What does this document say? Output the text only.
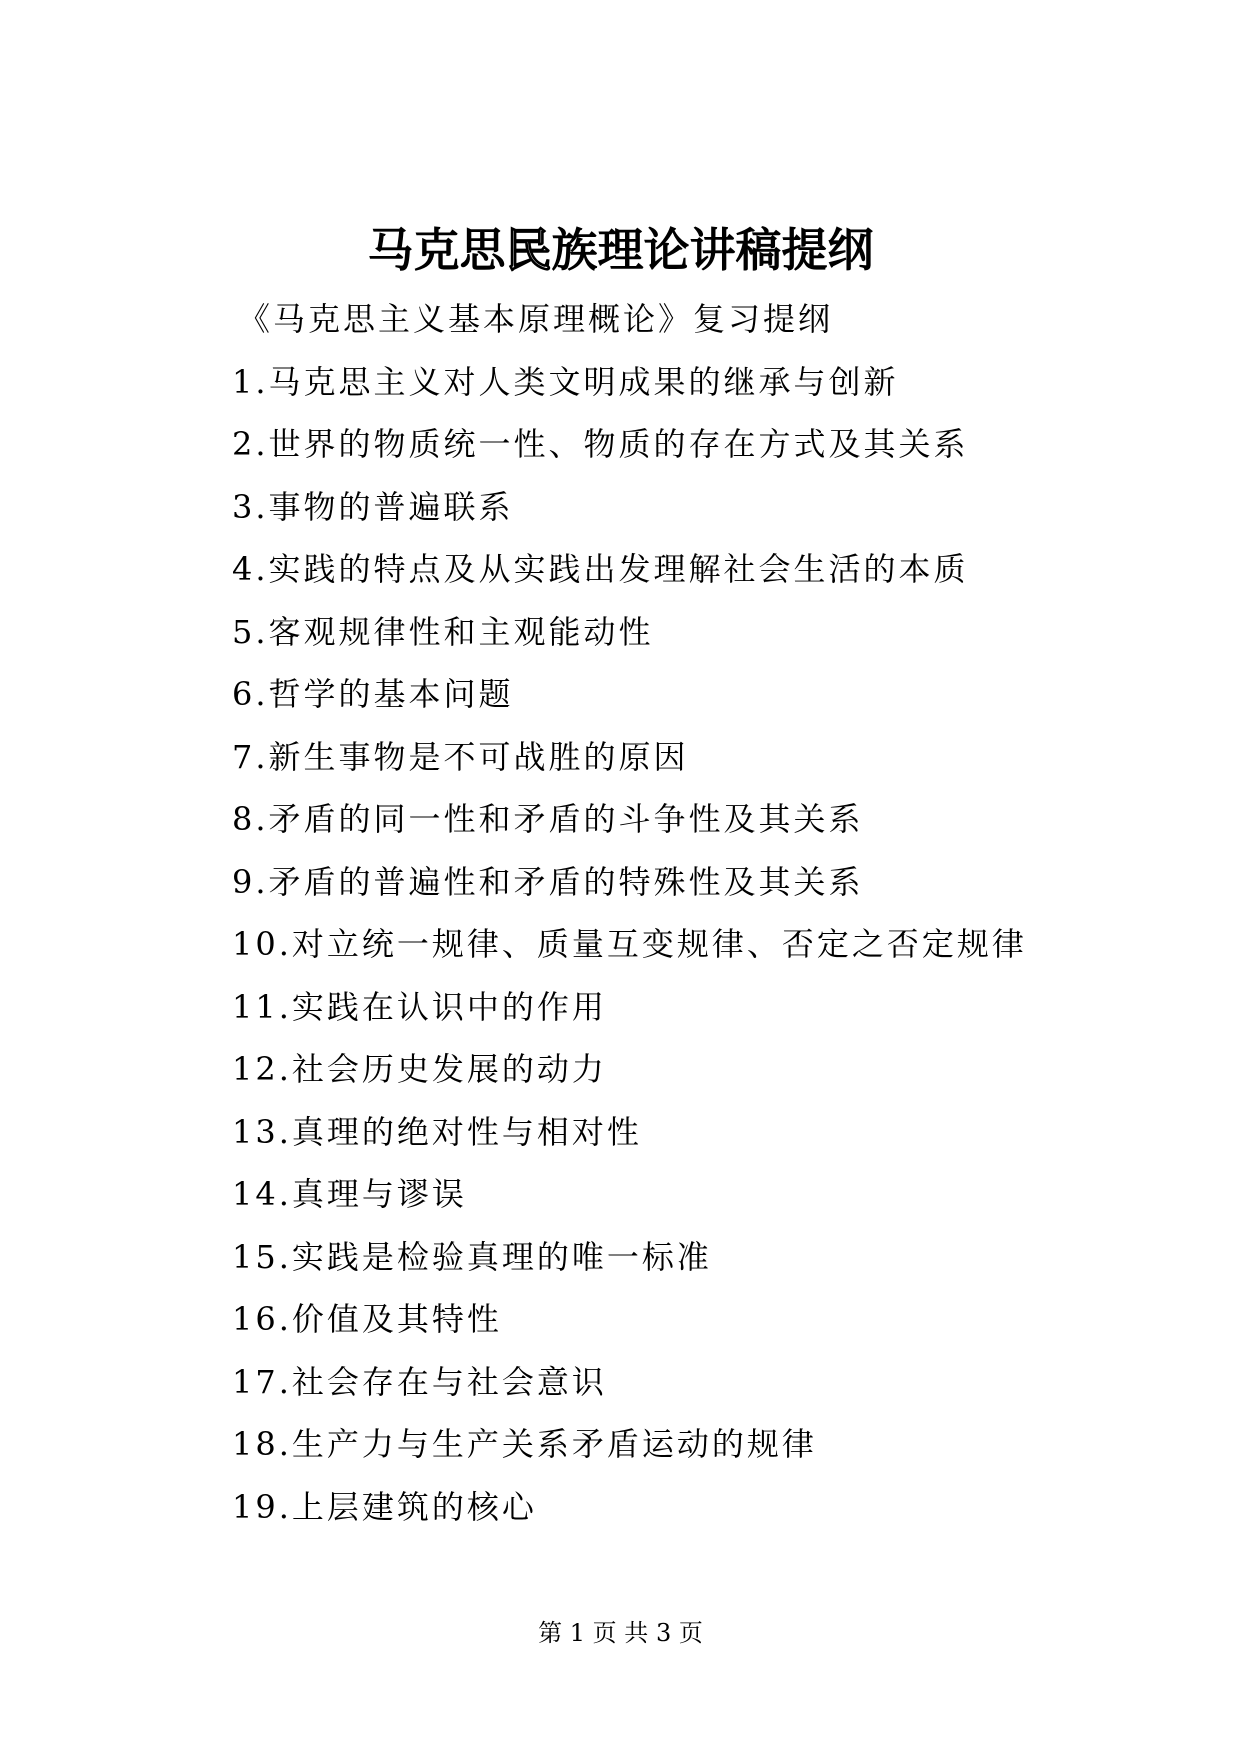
马克思民族理论讲稿提纲
《马克思主义基本原理概论》复习提纲
1.马克思主义对人类文明成果的继承与创新
2.世界的物质统一性、物质的存在方式及其关系
3.事物的普遍联系
4.实践的特点及从实践出发理解社会生活的本质
5.客观规律性和主观能动性
6.哲学的基本问题
7.新生事物是不可战胜的原因
8.矛盾的同一性和矛盾的斗争性及其关系
9.矛盾的普遍性和矛盾的特殊性及其关系
10.对立统一规律、质量互变规律、否定之否定规律
11.实践在认识中的作用
12.社会历史发展的动力
13.真理的绝对性与相对性
14.真理与谬误
15.实践是检验真理的唯一标准
16.价值及其特性
17.社会存在与社会意识
18.生产力与生产关系矛盾运动的规律
19.上层建筑的核心
第 1 页 共 3 页
